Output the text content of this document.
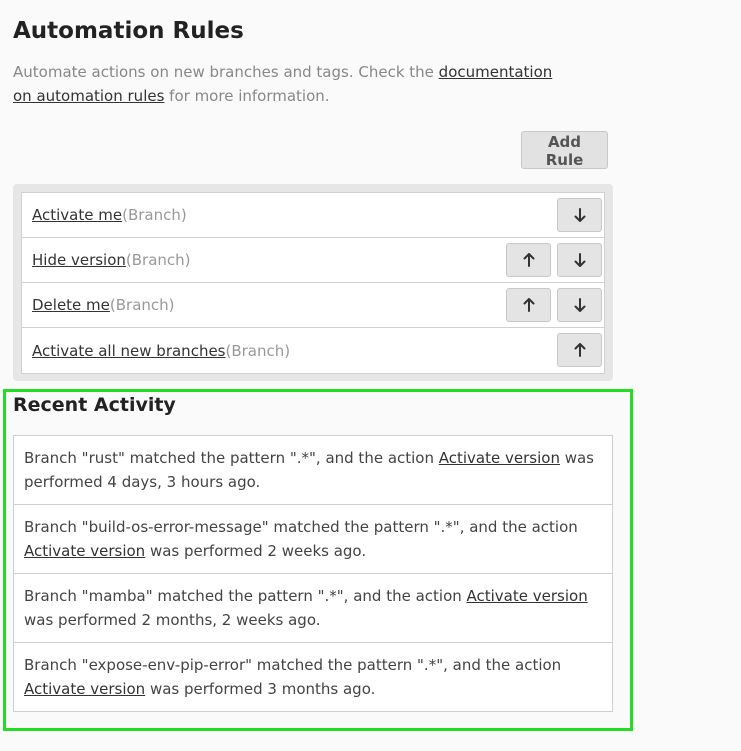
Automation Rules
Automate actions on new branches and tags. Check the documentation on automation rules for more information.
Add Rule
Activate me (Branch)
Hide version (Branch)
Delete me (Branch)
Activate all new branches (Branch)
Recent Activity
Branch "rust" matched the pattern ".*", and the action Activate version was performed 4 days, 3 hours ago.
Branch "build-os-error-message" matched the pattern ".*", and the action Activate version was performed 2 weeks ago.
Branch "mamba" matched the pattern ".*", and the action Activate version was performed 2 months, 2 weeks ago.
Branch "expose-env-pip-error" matched the pattern ".*", and the action Activate version was performed 3 months ago.
